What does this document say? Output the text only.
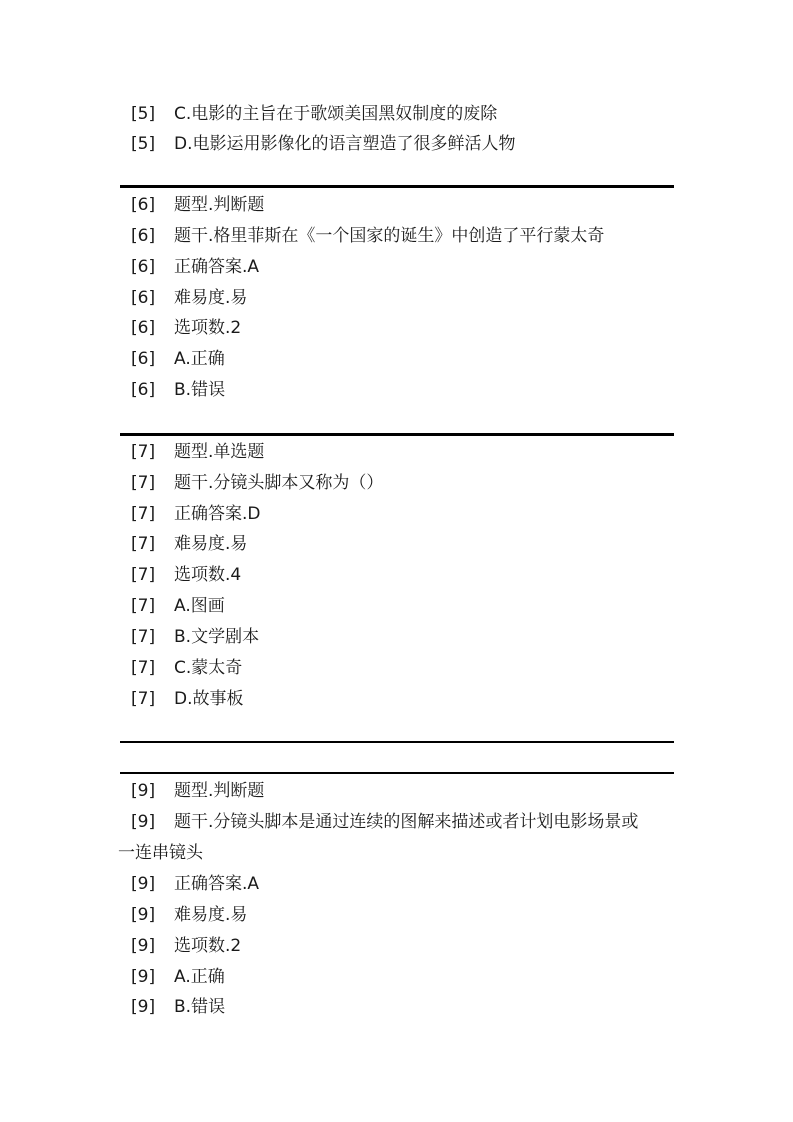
[5] C.电影的主旨在于歌颂美国黑奴制度的废除
[5] D.电影运用影像化的语言塑造了很多鲜活人物
[6] 题型.判断题
[6] 题干.格里菲斯在《一个国家的诞生》中创造了平行蒙太奇
[6] 正确答案.A
[6] 难易度.易
[6] 选项数.2
[6] A.正确
[6] B.错误
[7] 题型.单选题
[7] 题干.分镜头脚本又称为（）
[7] 正确答案.D
[7] 难易度.易
[7] 选项数.4
[7] A.图画
[7] B.文学剧本
[7] C.蒙太奇
[7] D.故事板
[9] 题型.判断题
[9] 题干.分镜头脚本是通过连续的图解来描述或者计划电影场景或
一连串镜头
[9] 正确答案.A
[9] 难易度.易
[9] 选项数.2
[9] A.正确
[9] B.错误
